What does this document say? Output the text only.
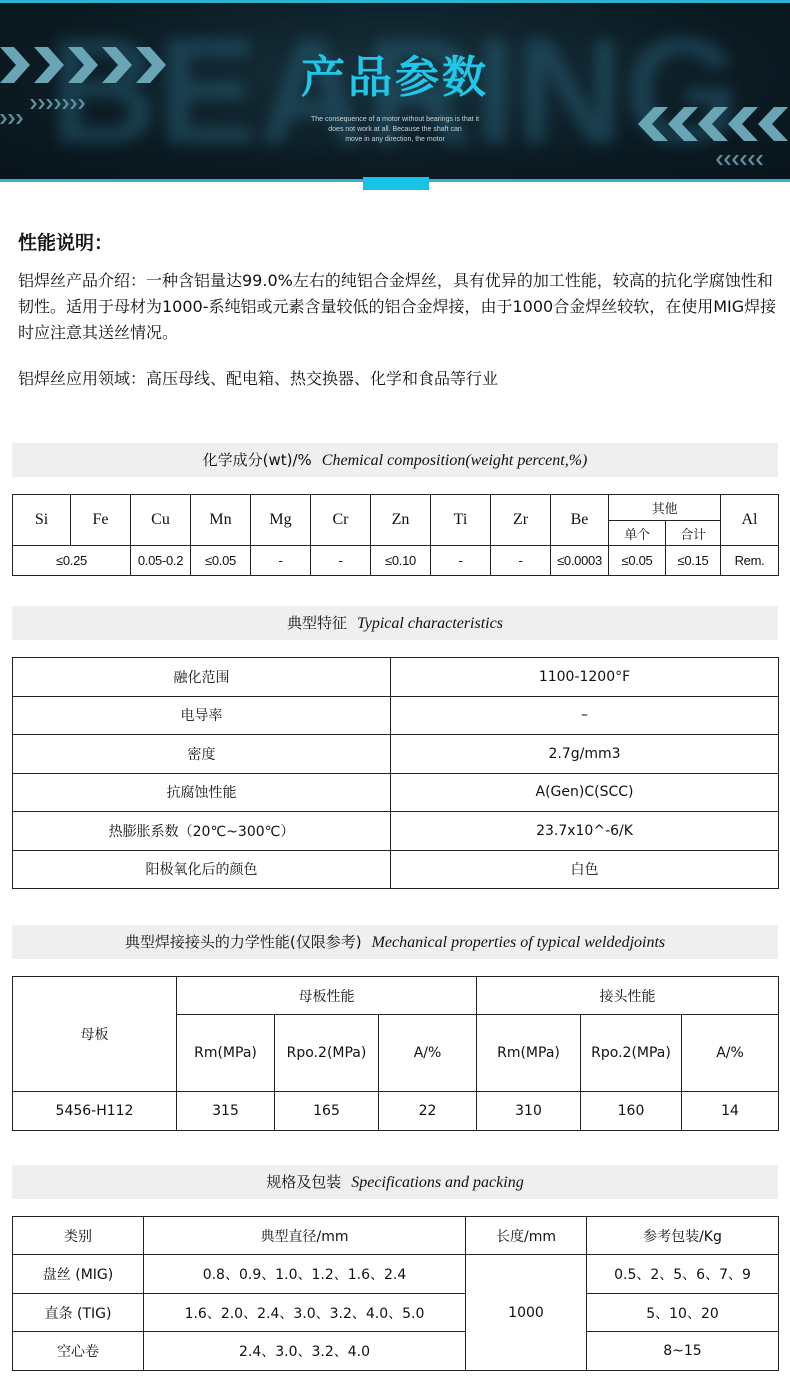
产品参数
The consequence of a motor without bearings is that it
does not work at all. Because the shaft can
move in any direction, the motor
性能说明：
铝焊丝产品介绍：一种含铝量达99.0%左右的纯铝合金焊丝，具有优异的加工性能，较高的抗化学腐蚀性和韧性。适用于母材为1000-系纯铝或元素含量较低的铝合金焊接，由于1000合金焊丝较软，在使用MIG焊接时应注意其送丝情况。
铝焊丝应用领域：高压母线、配电箱、热交换器、化学和食品等行业
化学成分(wt)/% Chemical composition(weight percent,%)
Si	Fe	Cu	Mn	Mg	Cr	Zn	Ti	Zr	Be	其他		Al
										单个	合计	
≤0.25		0.05-0.2	≤0.05	-	-	≤0.10	-	-	≤0.0003	≤0.05	≤0.15	Rem.
典型特征 Typical characteristics
融化范围	1100-1200°F
电导率	–
密度	2.7g/mm3
抗腐蚀性能	A(Gen)C(SCC)
热膨胀系数（20℃~300℃）	23.7x10^-6/K
阳极氧化后的颜色	白色
典型焊接接头的力学性能(仅限参考) Mechanical properties of typical weldedjoints
母板	母板性能			接头性能		
	Rm(MPa)	Rpo.2(MPa)	A/%	Rm(MPa)	Rpo.2(MPa)	A/%
5456-H112	315	165	22	310	160	14
规格及包装 Specifications and packing
类别	典型直径/mm	长度/mm	参考包装/Kg
盘丝 (MIG)	0.8、0.9、1.0、1.2、1.6、2.4	1000	0.5、2、5、6、7、9
直条 (TIG)	1.6、2.0、2.4、3.0、3.2、4.0、5.0		5、10、20
空心卷	2.4、3.0、3.2、4.0		8~15
